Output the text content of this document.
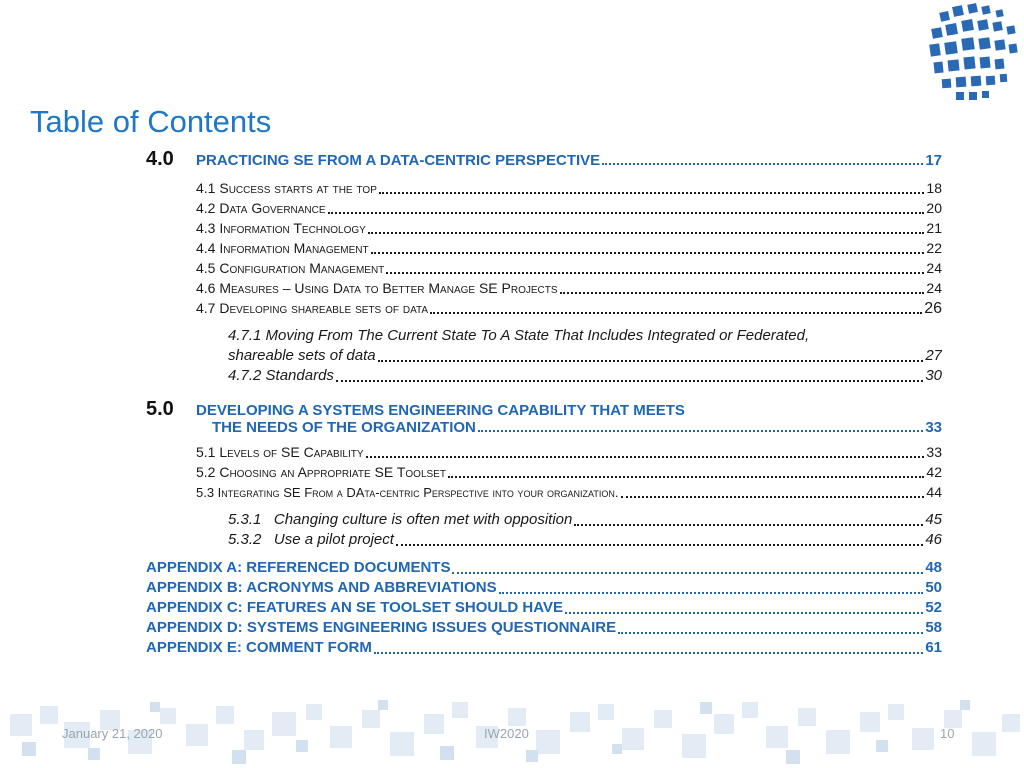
Table of Contents
4.0	PRACTICING SE FROM A DATA-CENTRIC PERSPECTIVE	17
4.1 Success starts at the top	18
4.2 Data Governance	20
4.3 Information Technology	21
4.4 Information Management	22
4.5 Configuration Management	24
4.6 Measures – Using Data to Better Manage SE Projects	24
4.7 Developing shareable sets of data	26
4.7.1 Moving From The Current State To A State That Includes Integrated or Federated,
shareable sets of data	27
4.7.2 Standards	30
5.0	DEVELOPING A SYSTEMS ENGINEERING CAPABILITY THAT MEETS
THE NEEDS OF THE ORGANIZATION	33
5.1 Levels of SE Capability	33
5.2 Choosing an Appropriate SE Toolset	42
5.3 Integrating SE From a DAta-centric Perspective into your organization.	44
5.3.1   Changing culture is often met with opposition	45
5.3.2   Use a pilot project	46
APPENDIX A: REFERENCED DOCUMENTS	48
APPENDIX B: ACRONYMS AND ABBREVIATIONS	50
APPENDIX C: FEATURES AN SE TOOLSET SHOULD HAVE	52
APPENDIX D: SYSTEMS ENGINEERING ISSUES QUESTIONNAIRE	58
APPENDIX E: COMMENT FORM	61
January 21, 2020	IW2020	10
